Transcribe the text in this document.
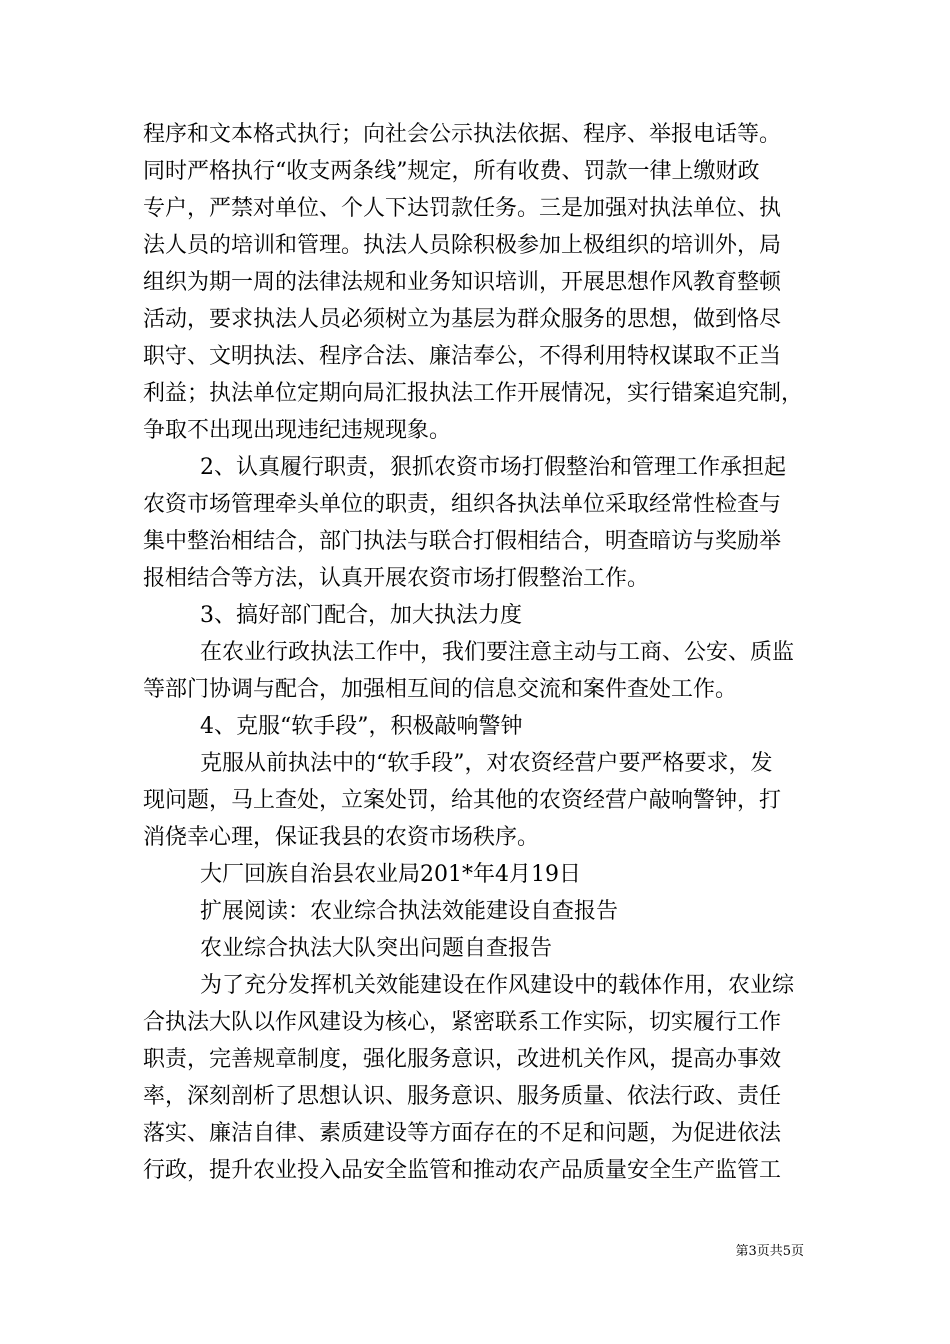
程序和文本格式执行；向社会公示执法依据、程序、举报电话等。
同时严格执行“收支两条线”规定，所有收费、罚款一律上缴财政
专户，严禁对单位、个人下达罚款任务。三是加强对执法单位、执
法人员的培训和管理。执法人员除积极参加上极组织的培训外，局
组织为期一周的法律法规和业务知识培训，开展思想作风教育整顿
活动，要求执法人员必须树立为基层为群众服务的思想，做到恪尽
职守、文明执法、程序合法、廉洁奉公，不得利用特权谋取不正当
利益；执法单位定期向局汇报执法工作开展情况，实行错案追究制，
争取不出现出现违纪违规现象。
2、认真履行职责，狠抓农资市场打假整治和管理工作承担起
农资市场管理牵头单位的职责，组织各执法单位采取经常性检查与
集中整治相结合，部门执法与联合打假相结合，明查暗访与奖励举
报相结合等方法，认真开展农资市场打假整治工作。
3、搞好部门配合，加大执法力度
在农业行政执法工作中，我们要注意主动与工商、公安、质监
等部门协调与配合，加强相互间的信息交流和案件查处工作。
4、克服“软手段”，积极敲响警钟
克服从前执法中的“软手段”，对农资经营户要严格要求，发
现问题，马上查处，立案处罚，给其他的农资经营户敲响警钟，打
消侥幸心理，保证我县的农资市场秩序。
大厂回族自治县农业局201*年4月19日
扩展阅读：农业综合执法效能建设自查报告
农业综合执法大队突出问题自查报告
为了充分发挥机关效能建设在作风建设中的载体作用，农业综
合执法大队以作风建设为核心，紧密联系工作实际，切实履行工作
职责，完善规章制度，强化服务意识，改进机关作风，提高办事效
率，深刻剖析了思想认识、服务意识、服务质量、依法行政、责任
落实、廉洁自律、素质建设等方面存在的不足和问题，为促进依法
行政，提升农业投入品安全监管和推动农产品质量安全生产监管工
第3页共5页
